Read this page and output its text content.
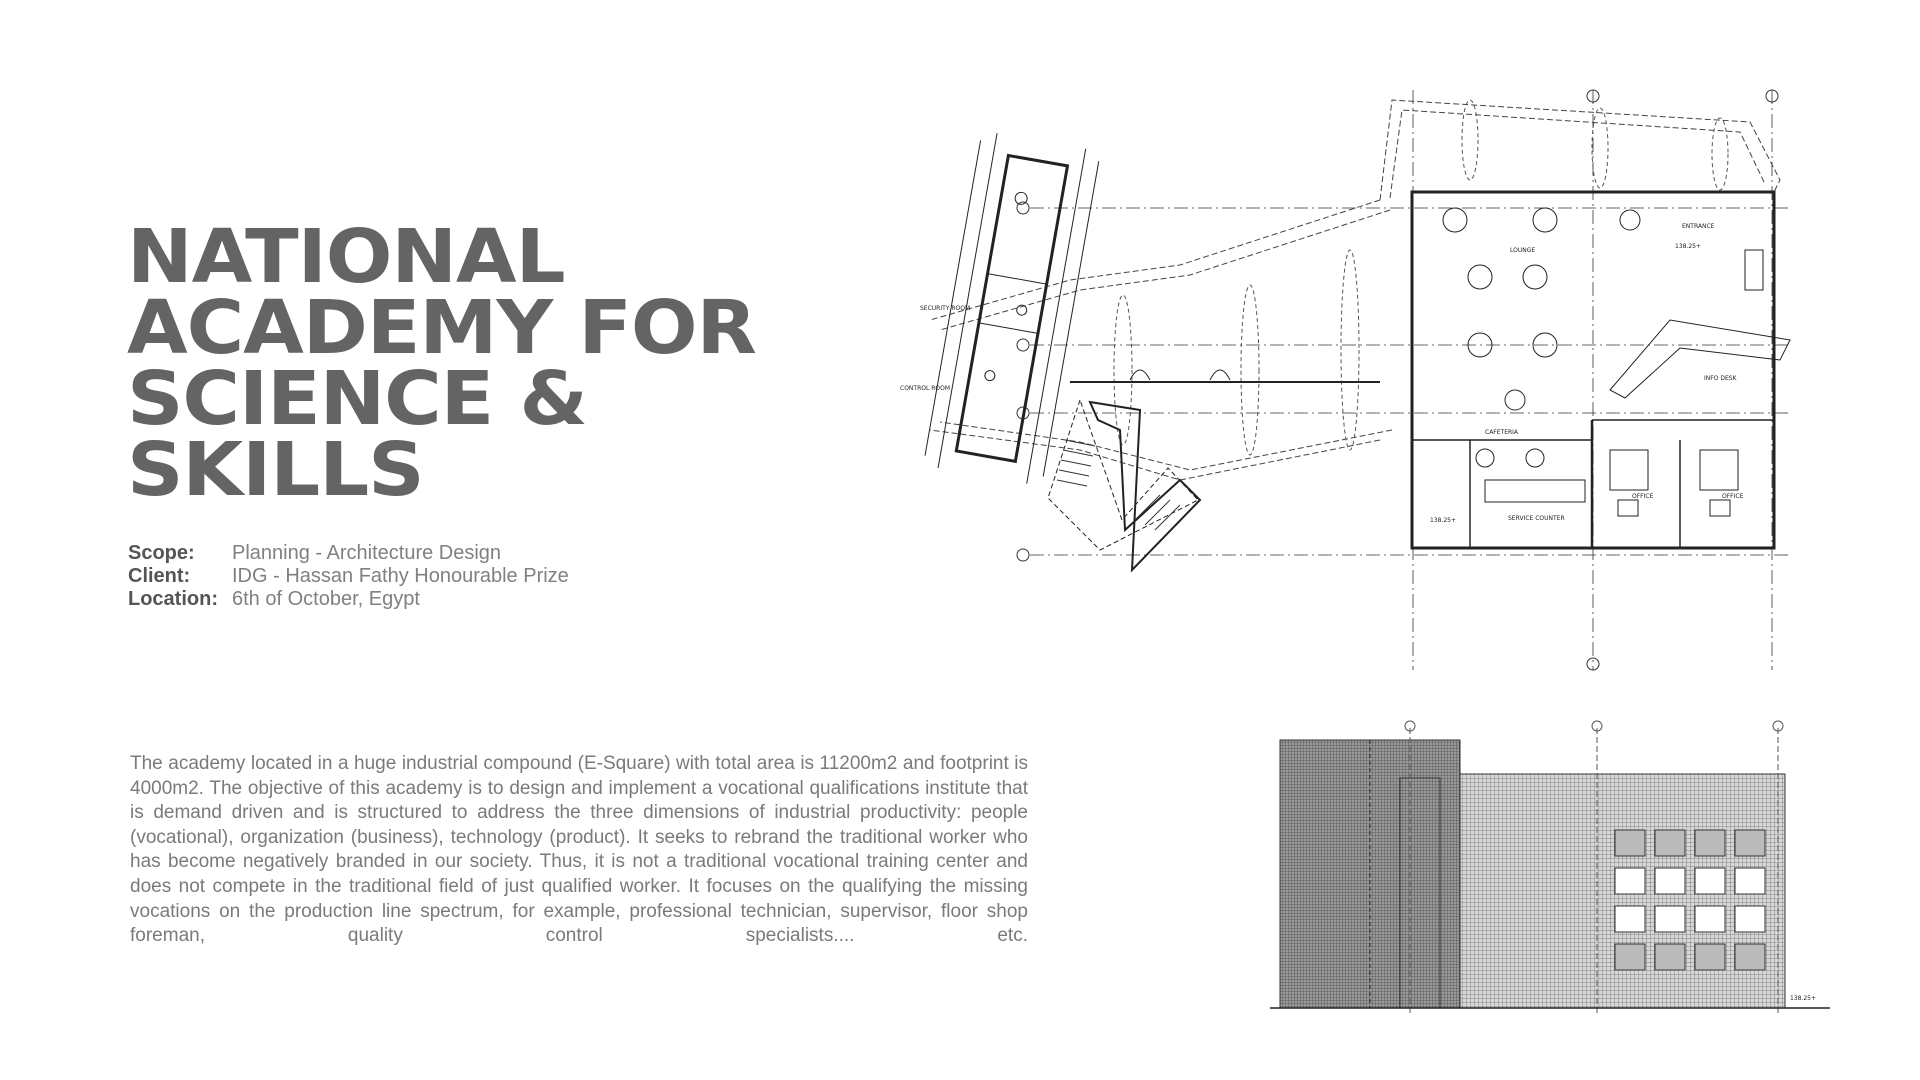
NATIONAL
ACADEMY FOR
SCIENCE &
SKILLS
Scope:	Planning - Architecture Design
Client:	IDG - Hassan Fathy Honourable Prize
Location: 6th of October, Egypt

The academy located in a huge industrial compound (E-Square) with total area is 11200m2 and footprint is 4000m2. The objective of this academy is to design and implement a vocational qualifications institute that is demand driven and is structured to address the three dimensions of industrial productivity: people (vocational), organization (business), technology (product). It seeks to rebrand the traditional worker who has become negatively branded in our society. Thus, it is not a traditional vocational training center and does not compete in the traditional field of just qualified worker. It focuses on the qualifying the missing vocations on the production line spectrum, for example, professional technician, supervisor, floor shop foreman, quality control specialists.... etc.

LOUNGE
ENTRANCE
INFO DESK
CAFETERIA
SERVICE COUNTER
OFFICE	OFFICE
SECURITY ROOM
CONTROL ROOM
138.25+
138.25+
138.25+
